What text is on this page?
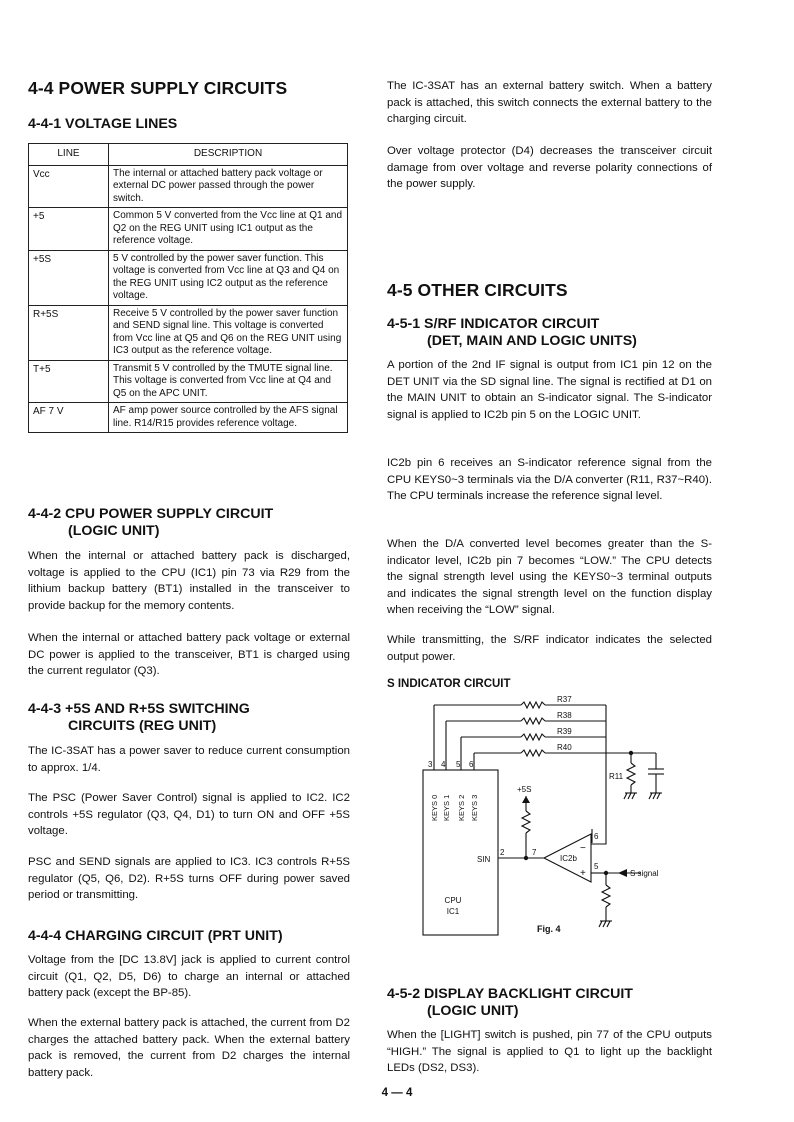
4-4 POWER SUPPLY CIRCUITS
4-4-1 VOLTAGE LINES
LINE	DESCRIPTION
Vcc	The internal or attached battery pack voltage or external DC power passed through the power switch.
+5	Common 5 V converted from the Vcc line at Q1 and Q2 on the REG UNIT using IC1 output as the reference voltage.
+5S	5 V controlled by the power saver function. This voltage is converted from Vcc line at Q3 and Q4 on the REG UNIT using IC2 output as the reference voltage.
R+5S	Receive 5 V controlled by the power saver function and SEND signal line. This voltage is converted from Vcc line at Q5 and Q6 on the REG UNIT using IC3 output as the reference voltage.
T+5	Transmit 5 V controlled by the TMUTE signal line. This voltage is converted from Vcc line at Q4 and Q5 on the APC UNIT.
AF 7 V	AF amp power source controlled by the AFS signal line. R14/R15 provides reference voltage.
4-4-2 CPU POWER SUPPLY CIRCUIT
(LOGIC UNIT)

When the internal or attached battery pack is discharged, voltage is applied to the CPU (IC1) pin 73 via R29 from the lithium backup battery (BT1) installed in the transceiver to provide backup for the memory contents.

When the internal or attached battery pack voltage or external DC power is applied to the transceiver, BT1 is charged using the current regulator (Q3).

4-4-3 +5S AND R+5S SWITCHING
CIRCUITS (REG UNIT)

The IC-3SAT has a power saver to reduce current consumption to approx. 1/4.

The PSC (Power Saver Control) signal is applied to IC2. IC2 controls +5S regulator (Q3, Q4, D1) to turn ON and OFF +5S voltage.

PSC and SEND signals are applied to IC3. IC3 controls R+5S regulator (Q5, Q6, D2). R+5S turns OFF during power saved period or transmitting.

4-4-4 CHARGING CIRCUIT (PRT UNIT)

Voltage from the [DC 13.8V] jack is applied to current control circuit (Q1, Q2, D5, D6) to charge an internal or attached battery pack (except the BP-85).

When the external battery pack is attached, the current from D2 charges the attached battery pack. When the external battery pack is removed, the current from D2 charges the internal battery pack.

The IC-3SAT has an external battery switch. When a battery pack is attached, this switch connects the external battery to the charging circuit.

Over voltage protector (D4) decreases the transceiver circuit damage from over voltage and reverse polarity connections of the power supply.

4-5 OTHER CIRCUITS
4-5-1 S/RF INDICATOR CIRCUIT
(DET, MAIN AND LOGIC UNITS)

A portion of the 2nd IF signal is output from IC1 pin 12 on the DET UNIT via the SD signal line. The signal is rectified at D1 on the MAIN UNIT to obtain an S-indicator signal. The S-indicator signal is applied to IC2b pin 5 on the LOGIC UNIT.

IC2b pin 6 receives an S-indicator reference signal from the CPU KEYS0~3 terminals via the D/A converter (R11, R37~R40). The CPU terminals increase the reference signal level.

When the D/A converted level becomes greater than the S-indicator level, IC2b pin 7 becomes “LOW.” The CPU detects the signal strength level using the KEYS0~3 terminal outputs and indicates the signal strength level on the function display when receiving the “LOW” signal.

While transmitting, the S/RF indicator indicates the selected output power.

S INDICATOR CIRCUIT
4-5-2 DISPLAY BACKLIGHT CIRCUIT
(LOGIC UNIT)

When the [LIGHT] switch is pushed, pin 77 of the CPU outputs “HIGH.” The signal is applied to Q1 to light up the backlight LEDs (DS2, DS3).

R37
R38
R39
R40
R11
3 4 5 6
2	7
6
5
+5S
SIN	IC2b
−
+	S signal
CPU
IC1
Fig. 4
KEYS 0 KEYS 1 KEYS 2 KEYS 3
4 — 4
